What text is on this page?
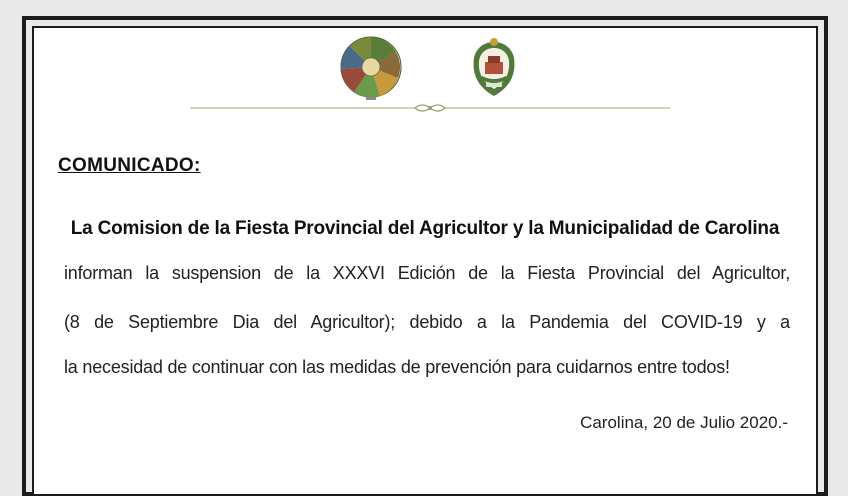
COMUNICADO:
La Comision de la Fiesta Provincial del Agricultor y la Municipalidad de Carolina
informan la suspension de la XXXVI Edición de la Fiesta Provincial del Agricultor,
(8 de Septiembre Dia del Agricultor); debido a la Pandemia del COVID-19 y a
la necesidad de continuar con las medidas de prevención para cuidarnos entre todos!
Carolina, 20 de Julio 2020.-
